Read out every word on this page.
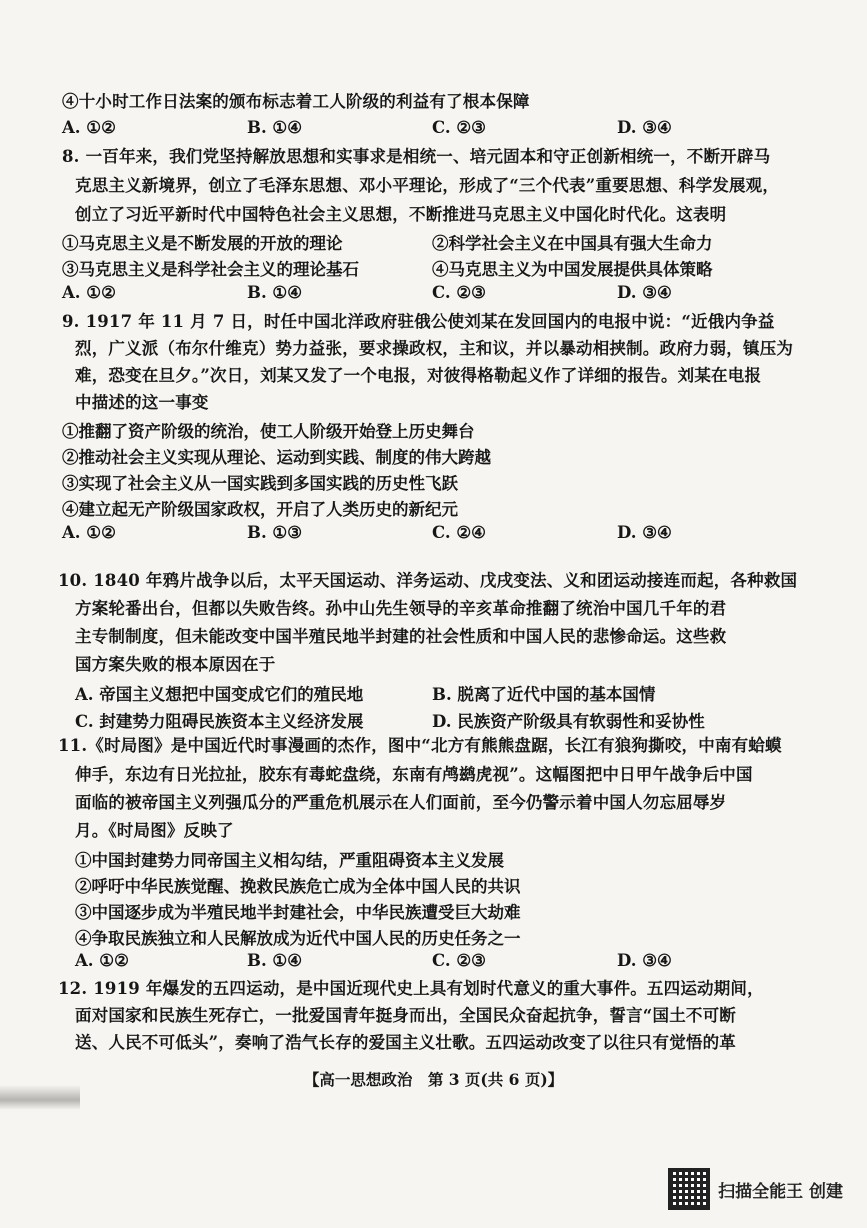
④十小时工作日法案的颁布标志着工人阶级的利益有了根本保障
A. ①②	B. ①④	C. ②③	D. ③④
8. 一百年来，我们党坚持解放思想和实事求是相统一、培元固本和守正创新相统一，不断开辟马
克思主义新境界，创立了毛泽东思想、邓小平理论，形成了“三个代表”重要思想、科学发展观，
创立了习近平新时代中国特色社会主义思想，不断推进马克思主义中国化时代化。这表明
①马克思主义是不断发展的开放的理论	②科学社会主义在中国具有强大生命力
③马克思主义是科学社会主义的理论基石	④马克思主义为中国发展提供具体策略
A. ①②	B. ①④	C. ②③	D. ③④
9. 1917 年 11 月 7 日，时任中国北洋政府驻俄公使刘某在发回国内的电报中说：“近俄内争益
烈，广义派（布尔什维克）势力益张，要求操政权，主和议，并以暴动相挟制。政府力弱，镇压为
难，恐变在旦夕。”次日，刘某又发了一个电报，对彼得格勒起义作了详细的报告。刘某在电报
中描述的这一事变
①推翻了资产阶级的统治，使工人阶级开始登上历史舞台
②推动社会主义实现从理论、运动到实践、制度的伟大跨越
③实现了社会主义从一国实践到多国实践的历史性飞跃
④建立起无产阶级国家政权，开启了人类历史的新纪元
A. ①②	B. ①③	C. ②④	D. ③④
10. 1840 年鸦片战争以后，太平天国运动、洋务运动、戊戌变法、义和团运动接连而起，各种救国
方案轮番出台，但都以失败告终。孙中山先生领导的辛亥革命推翻了统治中国几千年的君
主专制制度，但未能改变中国半殖民地半封建的社会性质和中国人民的悲惨命运。这些救
国方案失败的根本原因在于
A. 帝国主义想把中国变成它们的殖民地	B. 脱离了近代中国的基本国情
C. 封建势力阻碍民族资本主义经济发展	D. 民族资产阶级具有软弱性和妥协性
11.《时局图》是中国近代时事漫画的杰作，图中“北方有熊熊盘踞，长江有狼狗撕咬，中南有蛤蟆
伸手，东边有日光拉扯，胶东有毒蛇盘绕，东南有鸬鹚虎视”。这幅图把中日甲午战争后中国
面临的被帝国主义列强瓜分的严重危机展示在人们面前，至今仍警示着中国人勿忘屈辱岁
月。《时局图》反映了
①中国封建势力同帝国主义相勾结，严重阻碍资本主义发展
②呼吁中华民族觉醒、挽救民族危亡成为全体中国人民的共识
③中国逐步成为半殖民地半封建社会，中华民族遭受巨大劫难
④争取民族独立和人民解放成为近代中国人民的历史任务之一
A. ①②	B. ①④	C. ②③	D. ③④
12. 1919 年爆发的五四运动，是中国近现代史上具有划时代意义的重大事件。五四运动期间，
面对国家和民族生死存亡，一批爱国青年挺身而出，全国民众奋起抗争，誓言“国土不可断
送、人民不可低头”，奏响了浩气长存的爱国主义壮歌。五四运动改变了以往只有觉悟的革
【高一思想政治　第 3 页(共 6 页)】
扫描全能王 创建
